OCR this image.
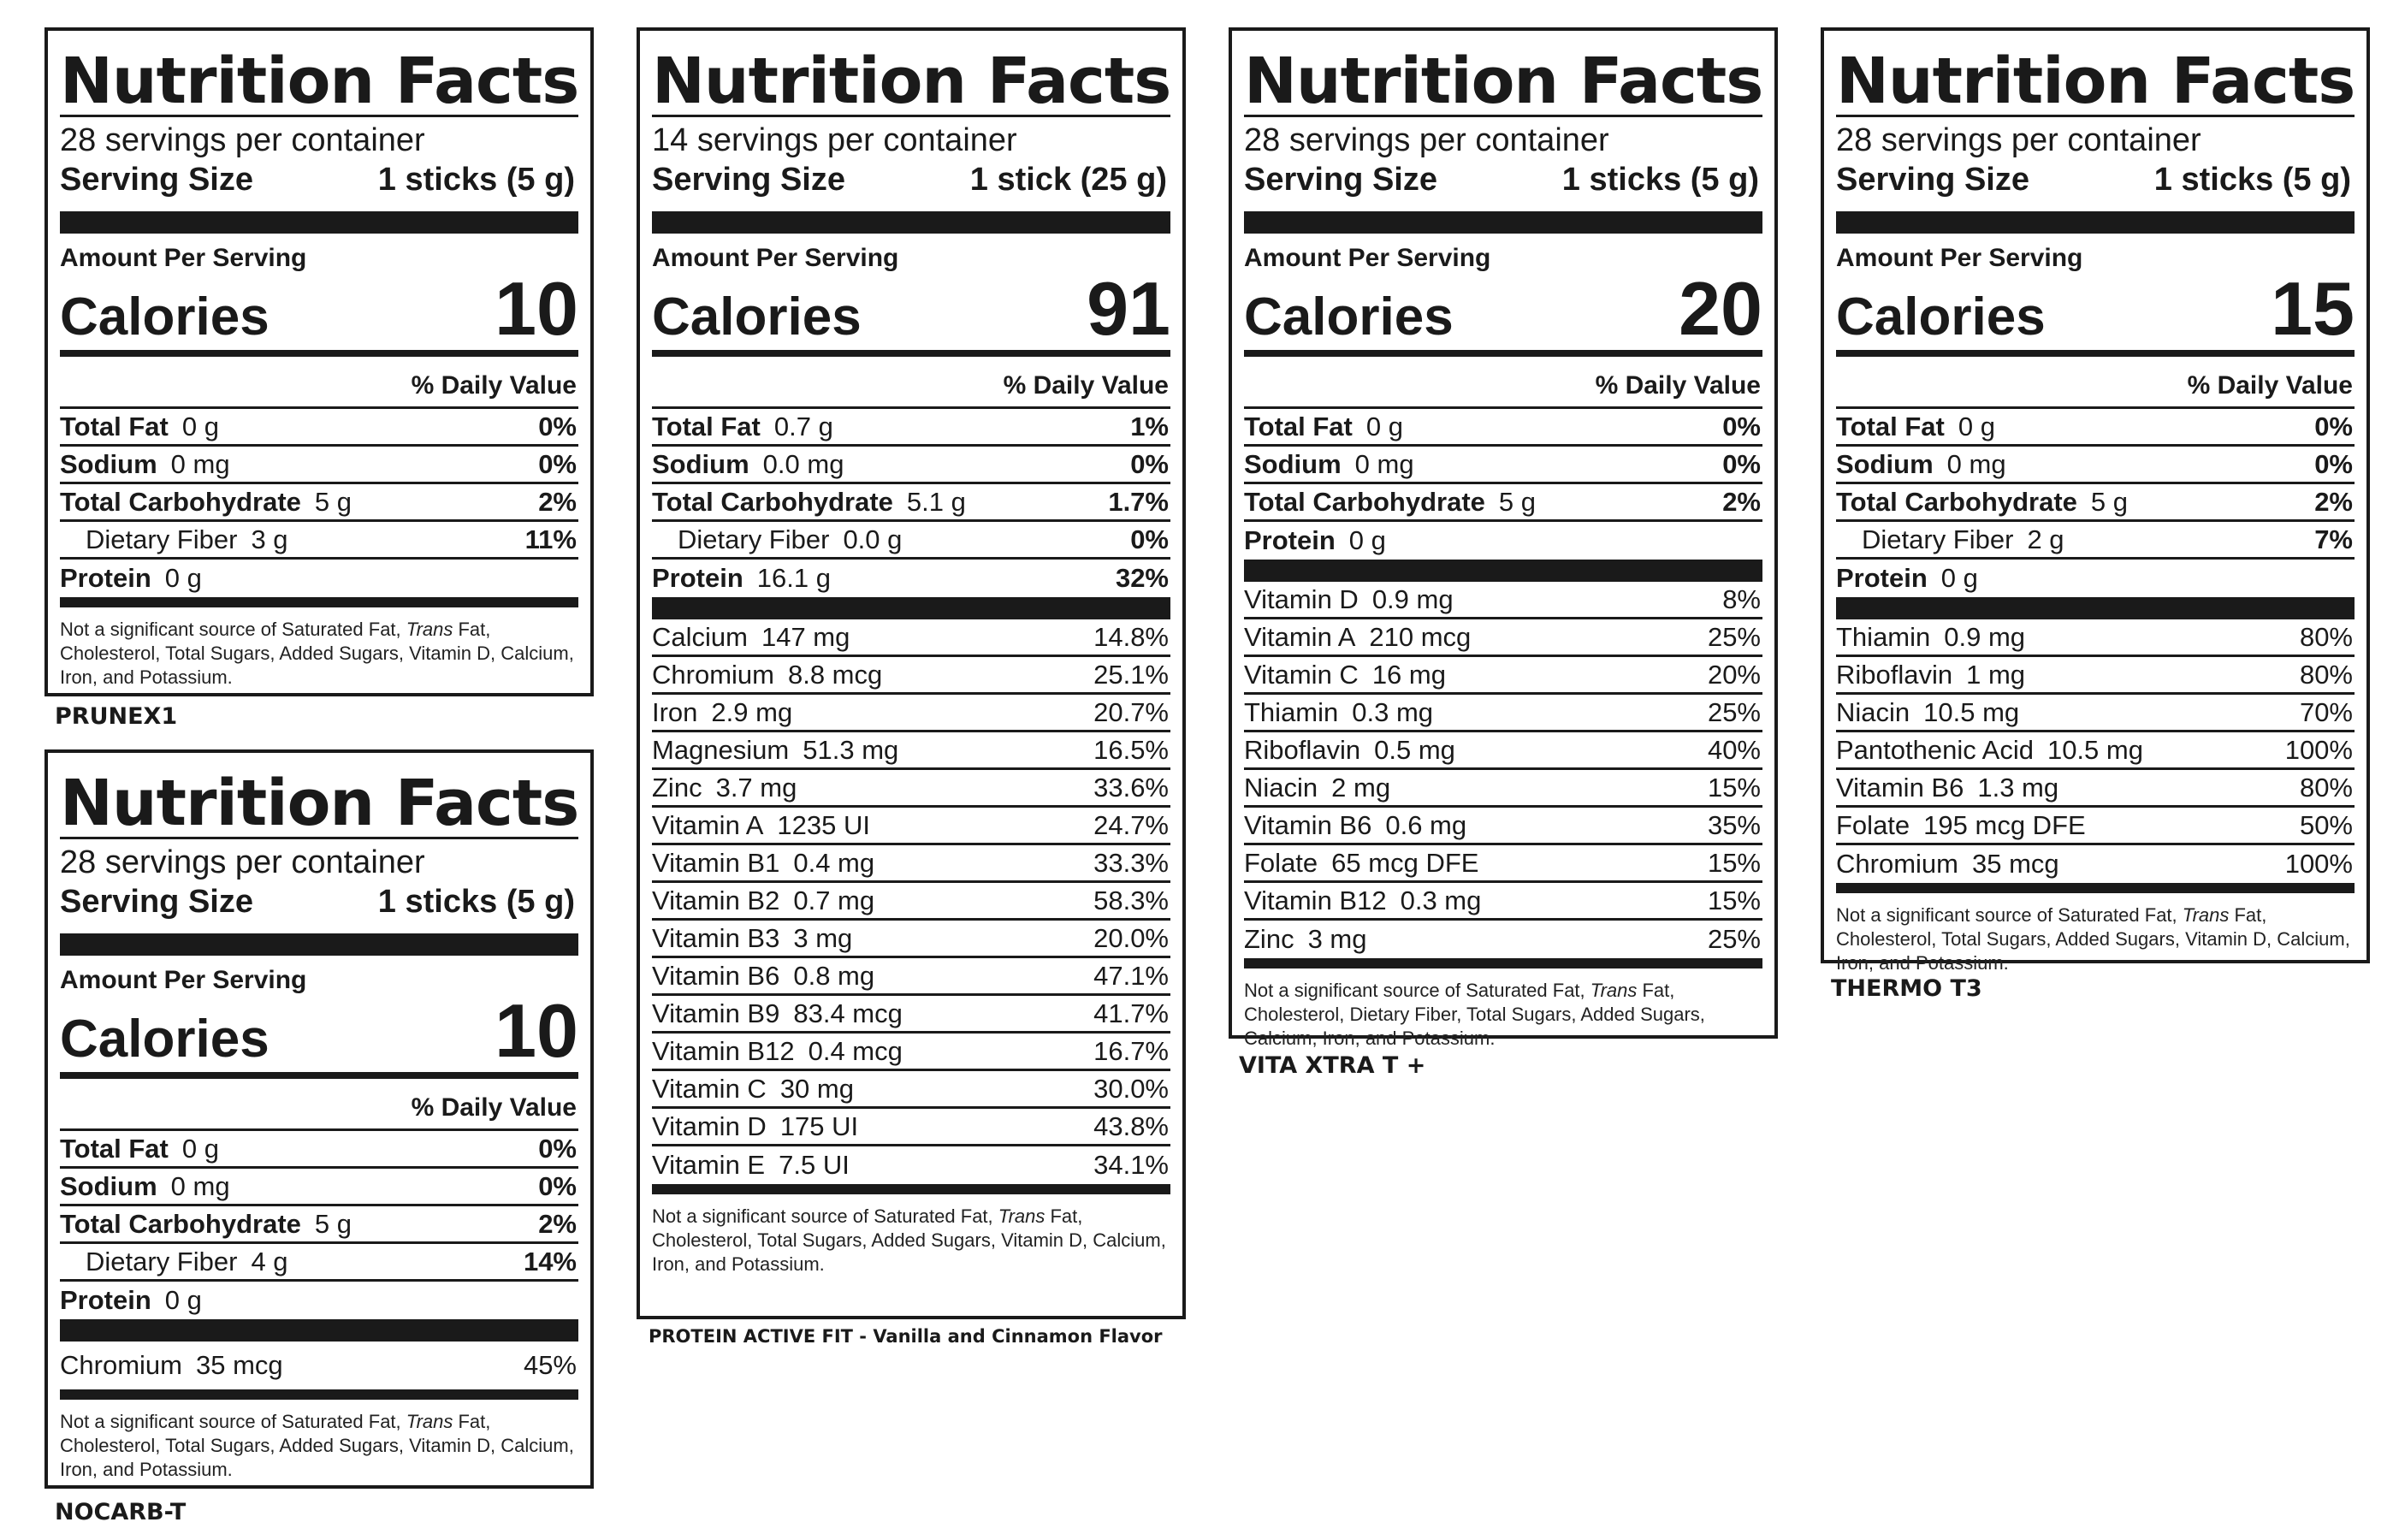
Nutrition Facts
28 servings per container
Serving Size	1 sticks (5 g)
Amount Per Serving
Calories	10
% Daily Value
Total Fat 0 g	0%
Sodium 0 mg	0%
Total Carbohydrate 5 g	2%
Dietary Fiber 3 g	11%
Protein 0 g
Not a significant source of Saturated Fat, Trans Fat, Cholesterol, Total Sugars, Added Sugars, Vitamin D, Calcium, Iron, and Potassium.
PRUNEX1
Nutrition Facts
28 servings per container
Serving Size	1 sticks (5 g)
Amount Per Serving
Calories	10
% Daily Value
Total Fat 0 g	0%
Sodium 0 mg	0%
Total Carbohydrate 5 g	2%
Dietary Fiber 4 g	14%
Protein 0 g
Chromium 35 mcg	45%
Not a significant source of Saturated Fat, Trans Fat, Cholesterol, Total Sugars, Added Sugars, Vitamin D, Calcium, Iron, and Potassium.
NOCARB-T
Nutrition Facts
14 servings per container
Serving Size	1 stick (25 g)
Amount Per Serving
Calories	91
% Daily Value
Total Fat 0.7 g	1%
Sodium 0.0 mg	0%
Total Carbohydrate 5.1 g	1.7%
Dietary Fiber 0.0 g	0%
Protein 16.1 g	32%
Calcium 147 mg	14.8%
Chromium 8.8 mcg	25.1%
Iron 2.9 mg	20.7%
Magnesium 51.3 mg	16.5%
Zinc 3.7 mg	33.6%
Vitamin A 1235 UI	24.7%
Vitamin B1 0.4 mg	33.3%
Vitamin B2 0.7 mg	58.3%
Vitamin B3 3 mg	20.0%
Vitamin B6 0.8 mg	47.1%
Vitamin B9 83.4 mcg	41.7%
Vitamin B12 0.4 mcg	16.7%
Vitamin C 30 mg	30.0%
Vitamin D 175 UI	43.8%
Vitamin E 7.5 UI	34.1%
Not a significant source of Saturated Fat, Trans Fat, Cholesterol, Total Sugars, Added Sugars, Vitamin D, Calcium, Iron, and Potassium.
PROTEIN ACTIVE FIT - Vanilla and Cinnamon Flavor
Nutrition Facts
28 servings per container
Serving Size	1 sticks (5 g)
Amount Per Serving
Calories	20
% Daily Value
Total Fat 0 g	0%
Sodium 0 mg	0%
Total Carbohydrate 5 g	2%
Protein 0 g
Vitamin D 0.9 mg	8%
Vitamin A 210 mcg	25%
Vitamin C 16 mg	20%
Thiamin 0.3 mg	25%
Riboflavin 0.5 mg	40%
Niacin 2 mg	15%
Vitamin B6 0.6 mg	35%
Folate 65 mcg DFE	15%
Vitamin B12 0.3 mg	15%
Zinc 3 mg	25%
Not a significant source of Saturated Fat, Trans Fat, Cholesterol, Dietary Fiber, Total Sugars, Added Sugars, Calcium, Iron, and Potassium.
VITA XTRA T +
Nutrition Facts
28 servings per container
Serving Size	1 sticks (5 g)
Amount Per Serving
Calories	15
% Daily Value
Total Fat 0 g	0%
Sodium 0 mg	0%
Total Carbohydrate 5 g	2%
Dietary Fiber 2 g	7%
Protein 0 g
Thiamin 0.9 mg	80%
Riboflavin 1 mg	80%
Niacin 10.5 mg	70%
Pantothenic Acid 10.5 mg	100%
Vitamin B6 1.3 mg	80%
Folate 195 mcg DFE	50%
Chromium 35 mcg	100%
Not a significant source of Saturated Fat, Trans Fat, Cholesterol, Total Sugars, Added Sugars, Vitamin D, Calcium, Iron, and Potassium.
THERMO T3
